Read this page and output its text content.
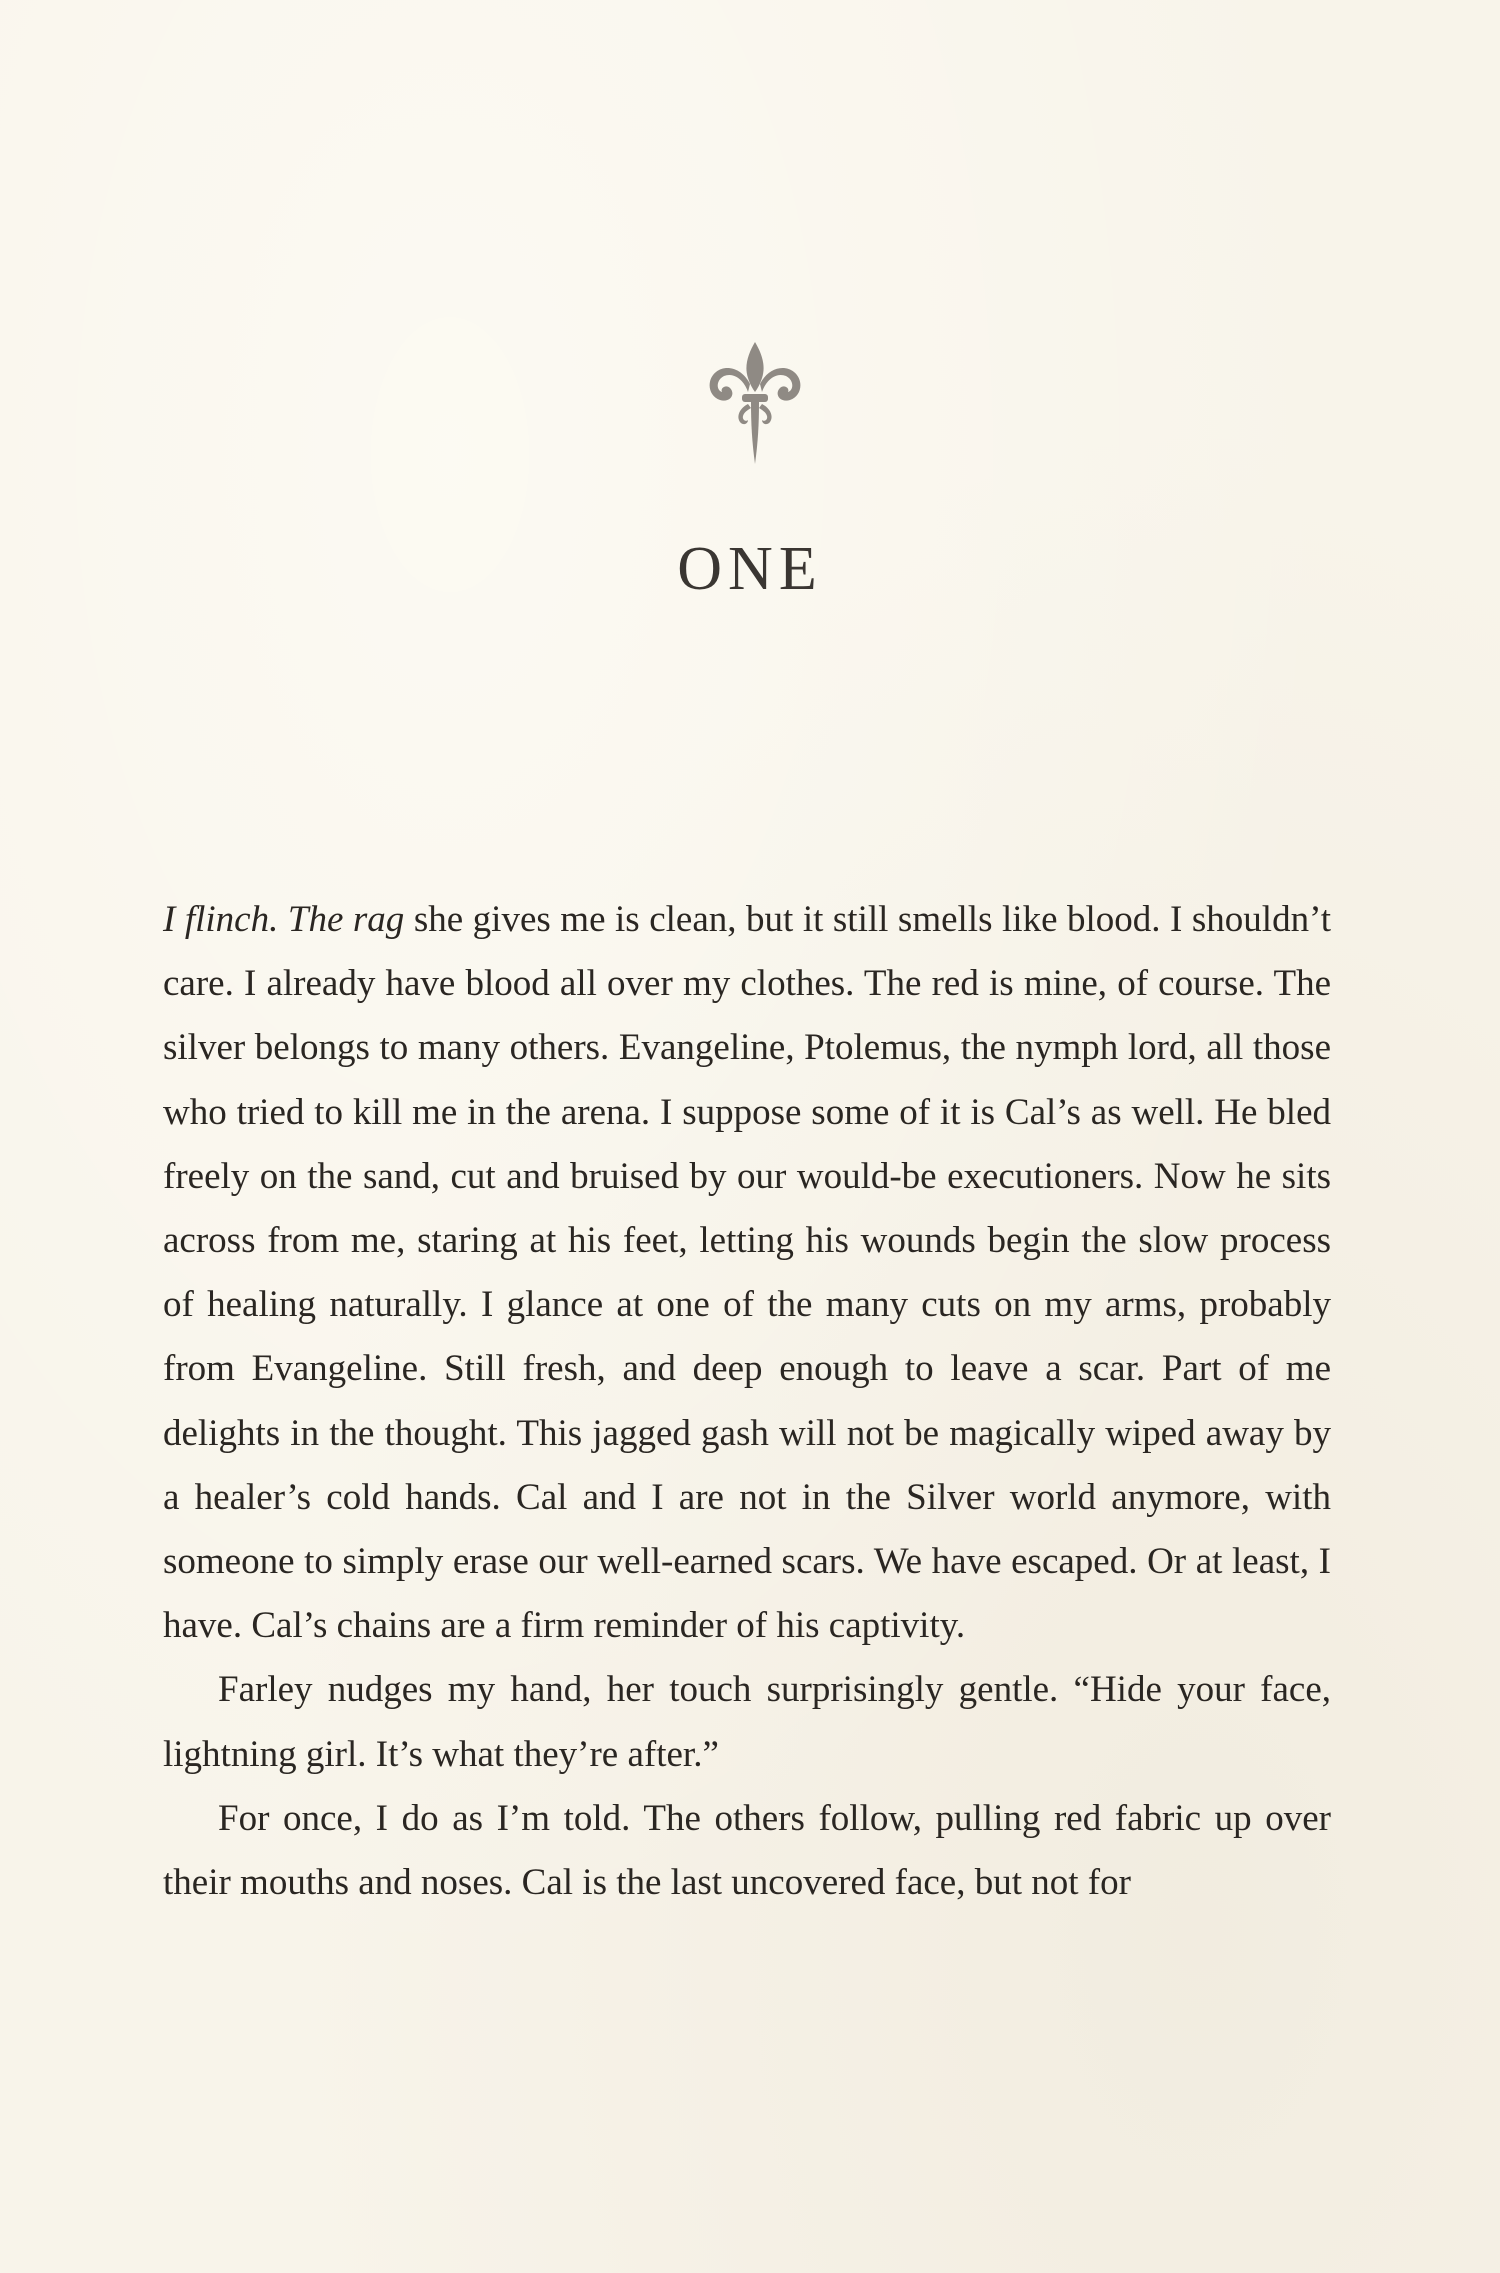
ONE

I flinch. The rag she gives me is clean, but it still smells like blood. I shouldn’t care. I already have blood all over my clothes. The red is mine, of course. The silver belongs to many others. Evangeline, Ptolemus, the nymph lord, all those who tried to kill me in the arena. I suppose some of it is Cal’s as well. He bled freely on the sand, cut and bruised by our would-be executioners. Now he sits across from me, staring at his feet, letting his wounds begin the slow process of healing naturally. I glance at one of the many cuts on my arms, probably from Evangeline. Still fresh, and deep enough to leave a scar. Part of me delights in the thought. This jagged gash will not be magically wiped away by a healer’s cold hands. Cal and I are not in the Silver world anymore, with someone to simply erase our well-earned scars. We have escaped. Or at least, I have. Cal’s chains are a firm reminder of his captivity.

Farley nudges my hand, her touch surprisingly gentle. “Hide your face, lightning girl. It’s what they’re after.”

For once, I do as I’m told. The others follow, pulling red fabric up over their mouths and noses. Cal is the last uncovered face, but not for
